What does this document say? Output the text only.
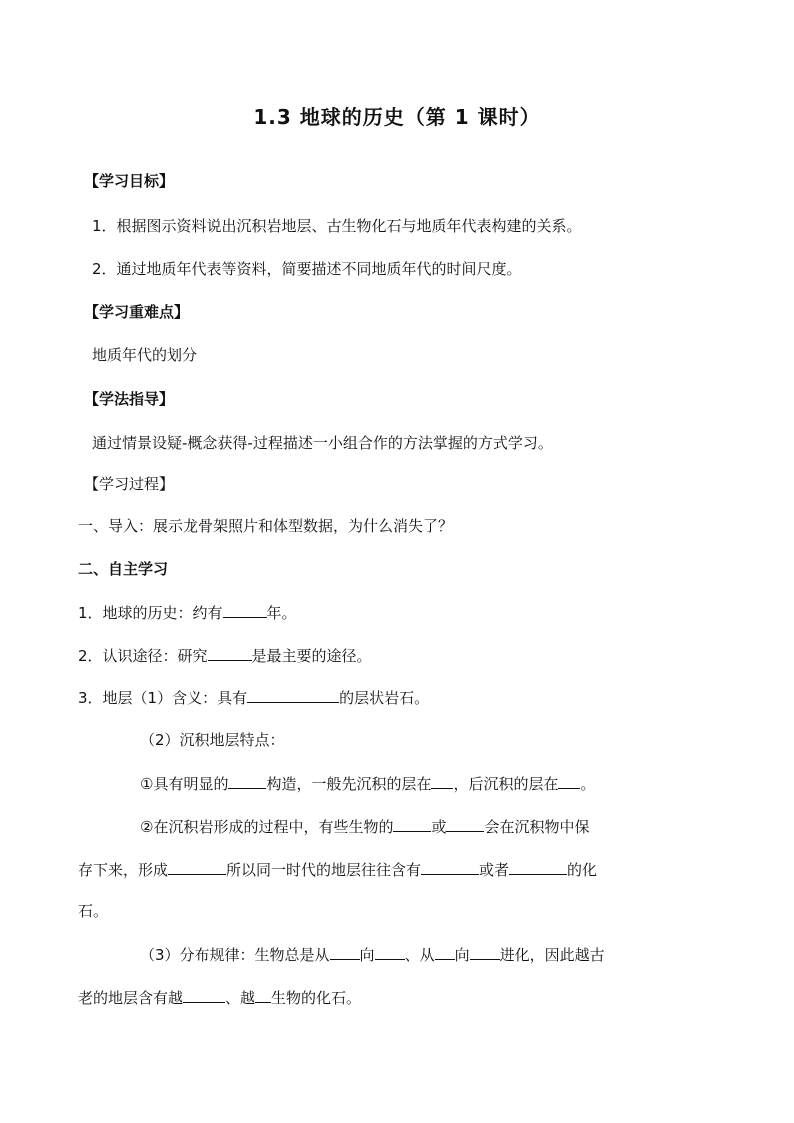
1.3 地球的历史（第 1 课时）
【学习目标】
1．根据图示资料说出沉积岩地层、古生物化石与地质年代表构建的关系。
2．通过地质年代表等资料，简要描述不同地质年代的时间尺度。
【学习重难点】
地质年代的划分
【学法指导】
通过情景设疑-概念获得-过程描述一小组合作的方法掌握的方式学习。
【学习过程】
一、导入：展示龙骨架照片和体型数据，为什么消失了？
二、自主学习
1．地球的历史：约有	年。
2．认识途径：研究	是最主要的途径。
3．地层（1）含义：具有	的层状岩石。
（2）沉积地层特点：
①具有明显的	构造，一般先沉积的层在 ，后沉积的层在 。
②在沉积岩形成的过程中，有些生物的	或	会在沉积物中保
存下来，形成	所以同一时代的地层往往含有	或者	的化
石。
（3）分布规律：生物总是从 向 、从 向 进化，因此越古
老的地层含有越	、越 生物的化石。
